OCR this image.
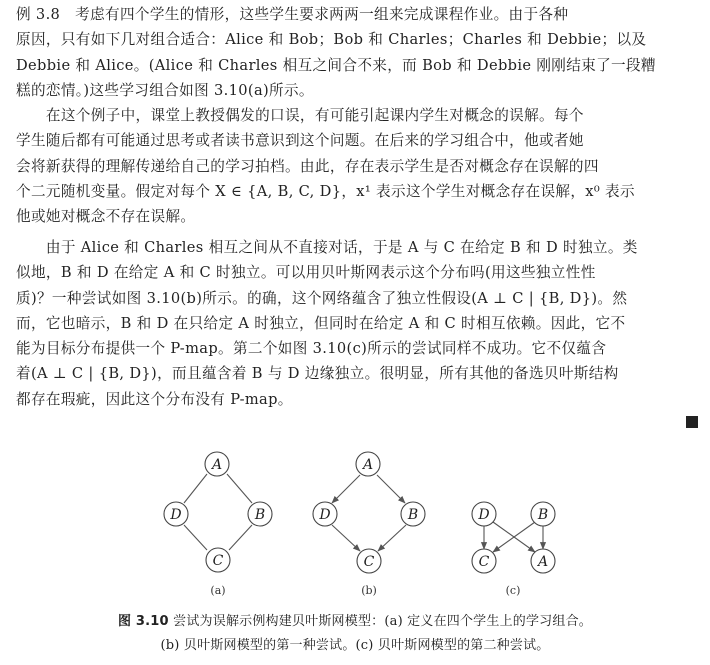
例 3.8　考虑有四个学生的情形，这些学生要求两两一组来完成课程作业。由于各种
原因，只有如下几对组合适合：Alice 和 Bob；Bob 和 Charles；Charles 和 Debbie；以及
Debbie 和 Alice。(Alice 和 Charles 相互之间合不来，而 Bob 和 Debbie 刚刚结束了一段糟
糕的恋情。)这些学习组合如图 3.10(a)所示。

　　在这个例子中，课堂上教授偶发的口误，有可能引起课内学生对概念的误解。每个
学生随后都有可能通过思考或者读书意识到这个问题。在后来的学习组合中，他或者她
会将新获得的理解传递给自己的学习拍档。由此，存在表示学生是否对概念存在误解的四
个二元随机变量。假定对每个 X ∈ {A, B, C, D}，x¹ 表示这个学生对概念存在误解，x⁰ 表示
他或她对概念不存在误解。

　　由于 Alice 和 Charles 相互之间从不直接对话，于是 A 与 C 在给定 B 和 D 时独立。类
似地，B 和 D 在给定 A 和 C 时独立。可以用贝叶斯网表示这个分布吗(用这些独立性性
质)？一种尝试如图 3.10(b)所示。的确，这个网络蕴含了独立性假设(A ⊥ C | {B, D})。然
而，它也暗示，B 和 D 在只给定 A 时独立，但同时在给定 A 和 C 时相互依赖。因此，它不
能为目标分布提供一个 P-map。第二个如图 3.10(c)所示的尝试同样不成功。它不仅蕴含
着(A ⊥ C | {B, D})，而且蕴含着 B 与 D 边缘独立。很明显，所有其他的备选贝叶斯结构
都存在瑕疵，因此这个分布没有 P-map。

A
D	B
C
(a)
A
D	B
C
(b)
D	B
C	A
(c)
图 3.10 尝试为误解示例构建贝叶斯网模型：(a) 定义在四个学生上的学习组合。
(b) 贝叶斯网模型的第一种尝试。(c) 贝叶斯网模型的第二种尝试。
